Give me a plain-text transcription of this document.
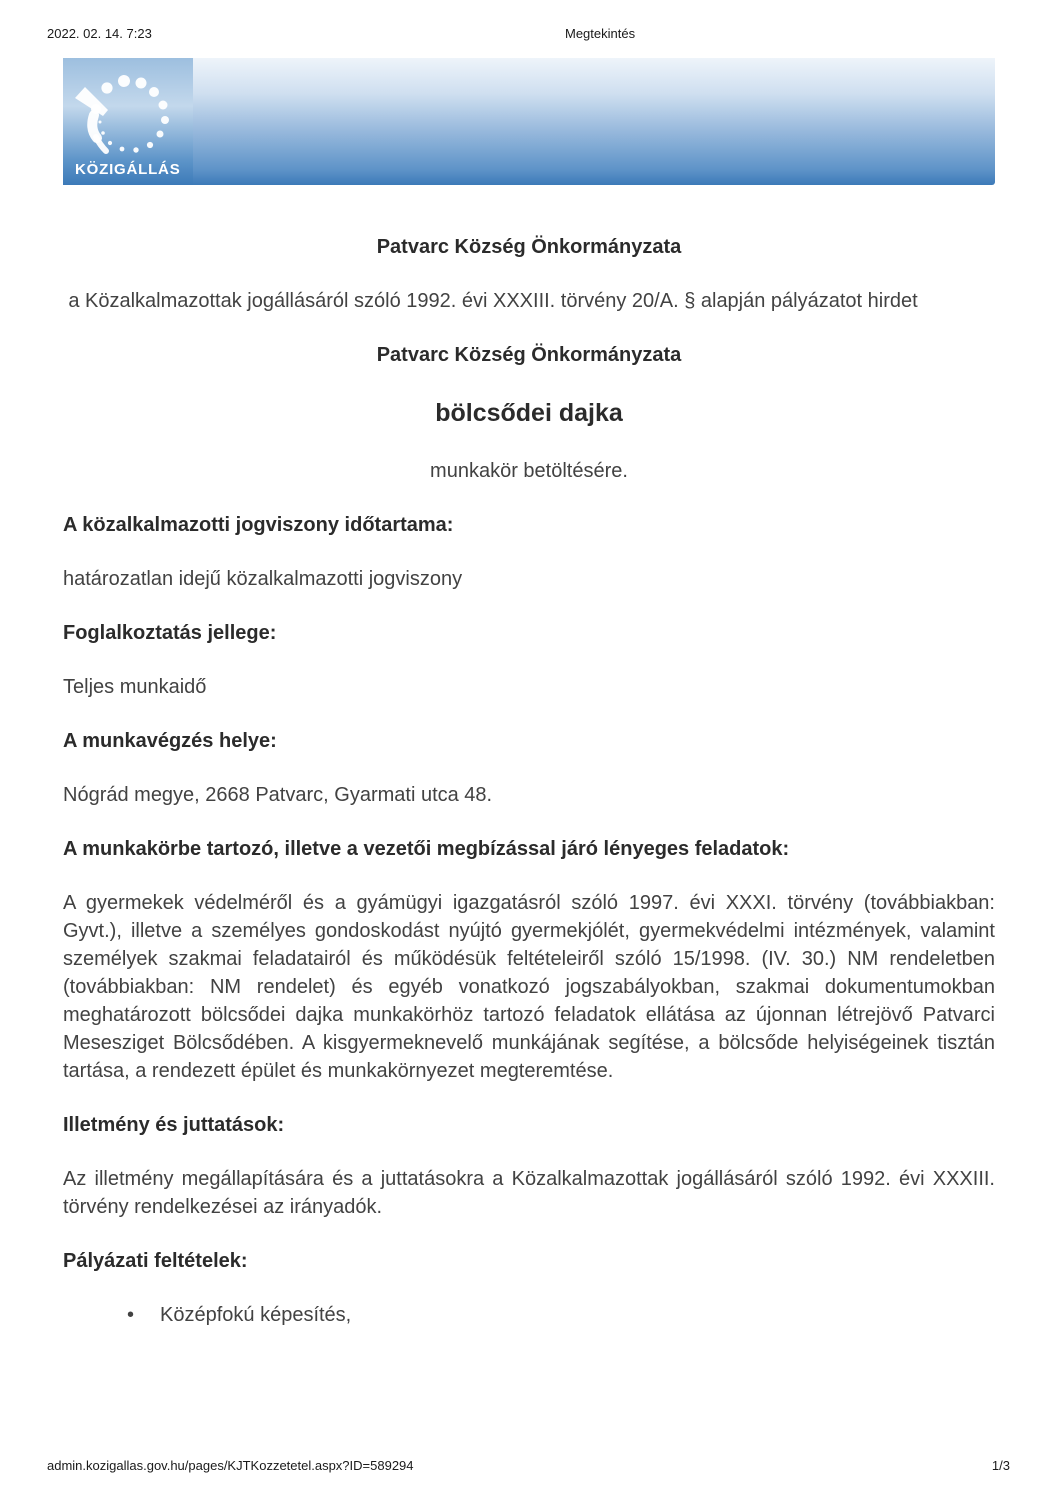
2022. 02. 14. 7:23	Megtekintés
KÖZIGÁLLÁS

Patvarc Község Önkormányzata

a Közalkalmazottak jogállásáról szóló 1992. évi XXXIII. törvény 20/A. § alapján pályázatot hirdet

Patvarc Község Önkormányzata

bölcsődei dajka

munkakör betöltésére.

A közalkalmazotti jogviszony időtartama:

határozatlan idejű közalkalmazotti jogviszony

Foglalkoztatás jellege:

Teljes munkaidő

A munkavégzés helye:

Nógrád megye, 2668 Patvarc, Gyarmati utca 48.

A munkakörbe tartozó, illetve a vezetői megbízással járó lényeges feladatok:

A gyermekek védelméről és a gyámügyi igazgatásról szóló 1997. évi XXXI. törvény (továbbiakban: Gyvt.), illetve a személyes gondoskodást nyújtó gyermekjólét, gyermekvédelmi intézmények, valamint személyek szakmai feladatairól és működésük feltételeiről szóló 15/1998. (IV. 30.) NM rendeletben (továbbiakban: NM rendelet) és egyéb vonatkozó jogszabályokban, szakmai dokumentumokban meghatározott bölcsődei dajka munkakörhöz tartozó feladatok ellátása az újonnan létrejövő Patvarci Mesesziget Bölcsődében. A kisgyermeknevelő munkájának segítése, a bölcsőde helyiségeinek tisztán tartása, a rendezett épület és munkakörnyezet megteremtése.

Illetmény és juttatások:

Az illetmény megállapítására és a juttatásokra a Közalkalmazottak jogállásáról szóló 1992. évi XXXIII. törvény rendelkezései az irányadók.

Pályázati feltételek:
• Középfokú képesítés,
1/3
admin.kozigallas.gov.hu/pages/KJTKozzetetel.aspx?ID=589294
